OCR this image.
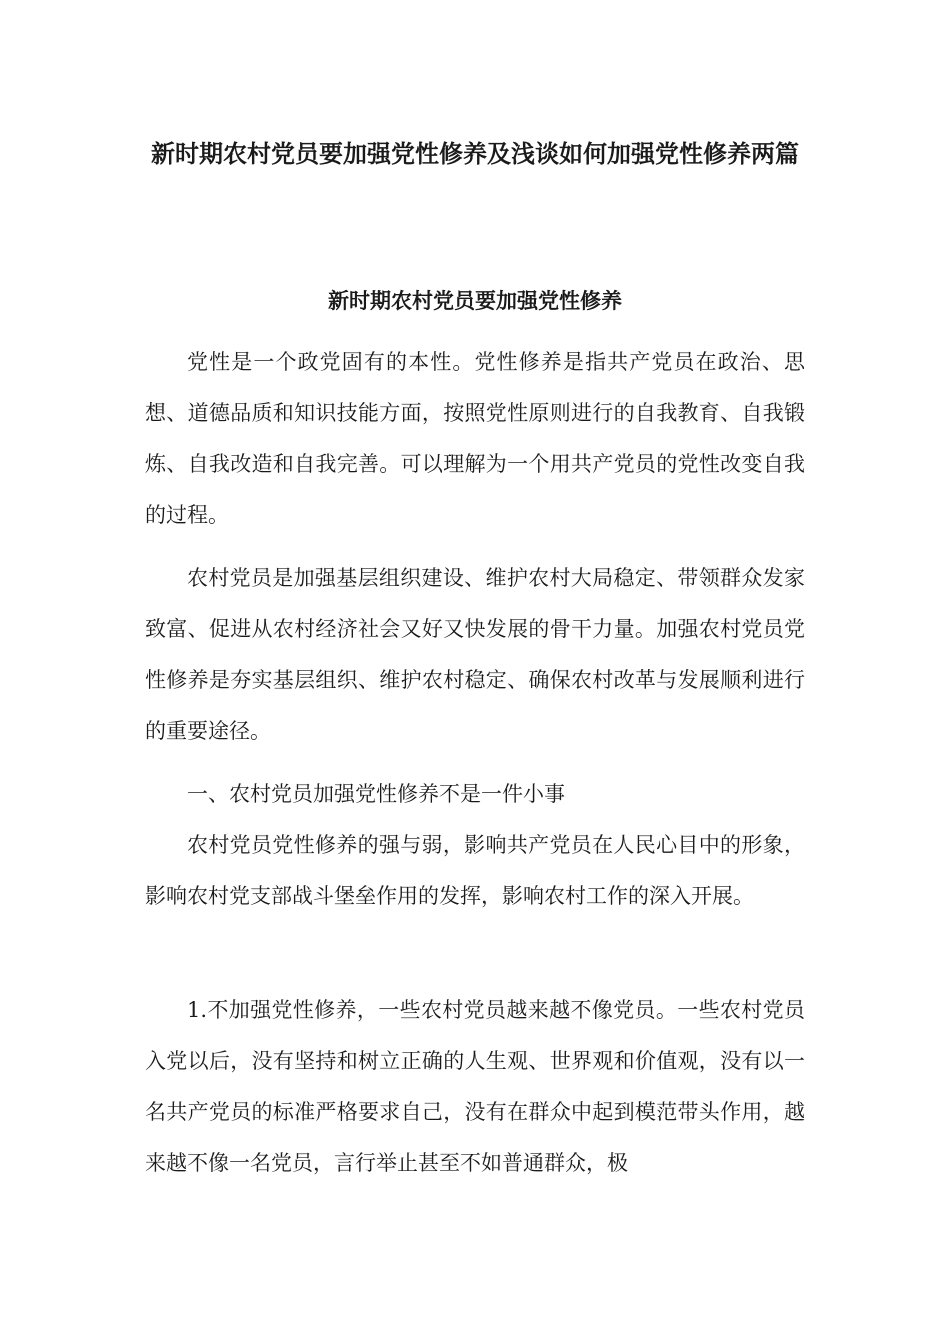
新时期农村党员要加强党性修养及浅谈如何加强党性修养两篇
新时期农村党员要加强党性修养

党性是一个政党固有的本性。党性修养是指共产党员在政治、思想、道德品质和知识技能方面，按照党性原则进行的自我教育、自我锻炼、自我改造和自我完善。可以理解为一个用共产党员的党性改变自我的过程。

农村党员是加强基层组织建设、维护农村大局稳定、带领群众发家致富、促进从农村经济社会又好又快发展的骨干力量。加强农村党员党性修养是夯实基层组织、维护农村稳定、确保农村改革与发展顺利进行的重要途径。

一、农村党员加强党性修养不是一件小事

农村党员党性修养的强与弱，影响共产党员在人民心目中的形象，影响农村党支部战斗堡垒作用的发挥，影响农村工作的深入开展。

1.不加强党性修养，一些农村党员越来越不像党员。一些农村党员入党以后，没有坚持和树立正确的人生观、世界观和价值观，没有以一名共产党员的标准严格要求自己，没有在群众中起到模范带头作用，越来越不像一名党员，言行举止甚至不如普通群众，极
